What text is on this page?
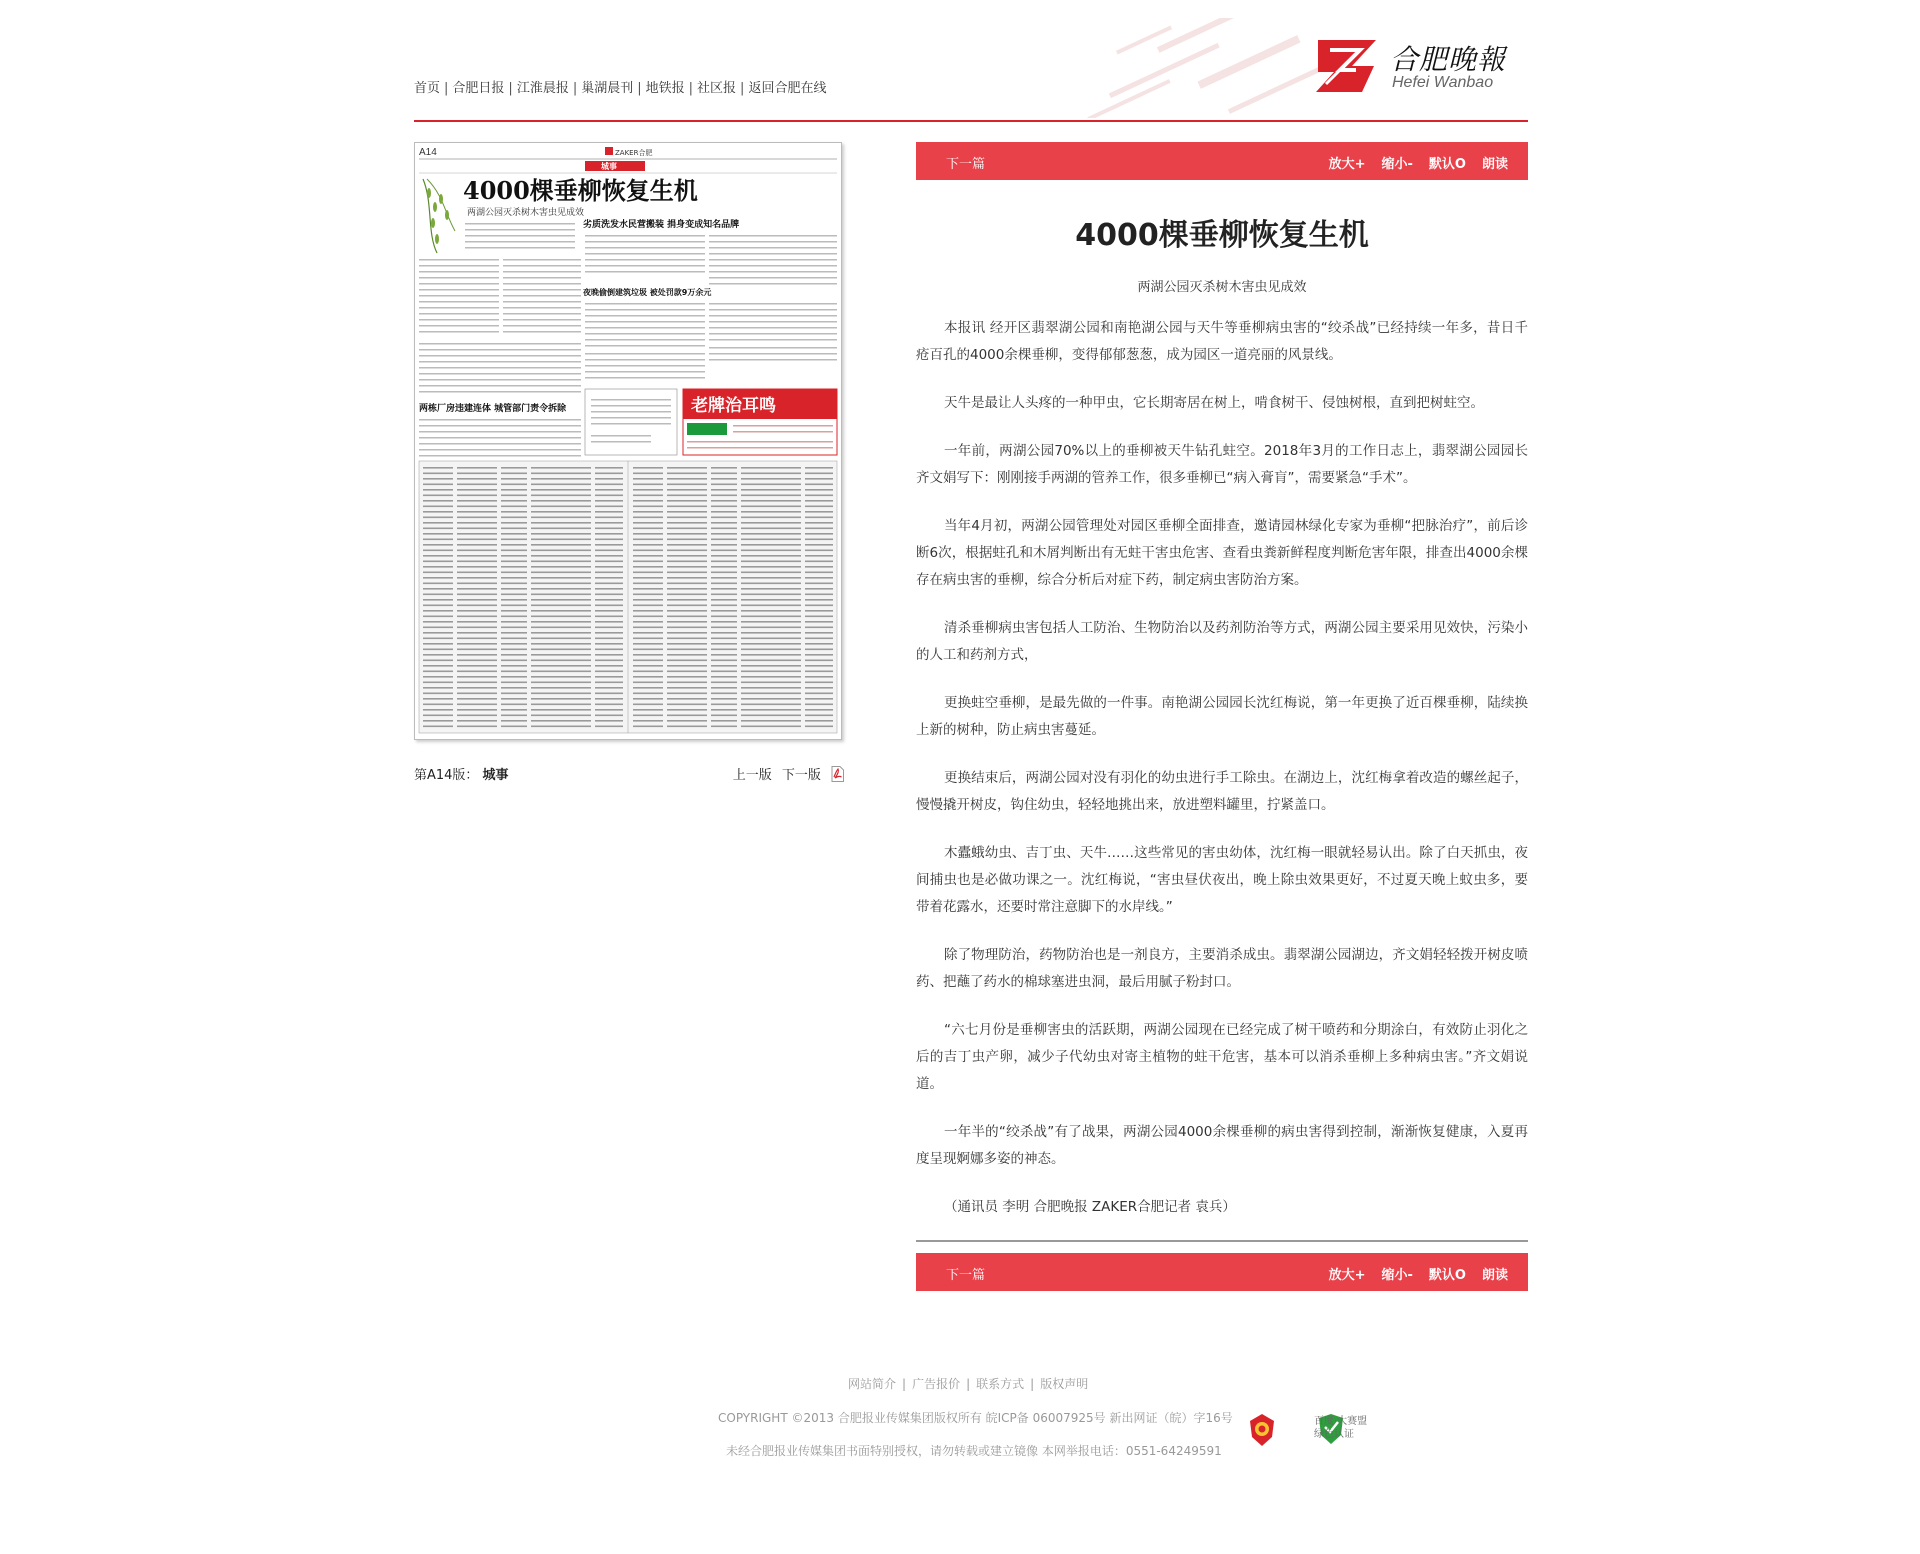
首页 | 合肥日报 | 江淮晨报 | 巢湖晨刊 | 地铁报 | 社区报 | 返回合肥在线
合肥晚報
Hefei Wanbao
A14	ZAKER合肥
城事
4000棵垂柳恢复生机
两湖公园灭杀树木害虫见成效
劣质洗发水民营搬装 捐身变成知名品牌
夜晚偷倒建筑垃圾 被处罚款9万余元
两栋厂房违建连体 城管部门责令拆除	老牌治耳鸣
第A14版： 城事	上一版 下一版
下一篇	放大+ 缩小- 默认O 朗读
4000棵垂柳恢复生机
两湖公园灭杀树木害虫见成效

本报讯 经开区翡翠湖公园和南艳湖公园与天牛等垂柳病虫害的“绞杀战”已经持续一年多，昔日千疮百孔的4000余棵垂柳，变得郁郁葱葱，成为园区一道亮丽的风景线。

天牛是最让人头疼的一种甲虫，它长期寄居在树上，啃食树干、侵蚀树根，直到把树蛀空。

一年前，两湖公园70%以上的垂柳被天牛钻孔蛀空。2018年3月的工作日志上，翡翠湖公园园长齐文娟写下：刚刚接手两湖的管养工作，很多垂柳已“病入膏肓”，需要紧急“手术”。

当年4月初，两湖公园管理处对园区垂柳全面排查，邀请园林绿化专家为垂柳“把脉治疗”，前后诊断6次，根据蛀孔和木屑判断出有无蛀干害虫危害、查看虫粪新鲜程度判断危害年限，排查出4000余棵存在病虫害的垂柳，综合分析后对症下药，制定病虫害防治方案。

清杀垂柳病虫害包括人工防治、生物防治以及药剂防治等方式，两湖公园主要采用见效快，污染小的人工和药剂方式，

更换蛀空垂柳，是最先做的一件事。南艳湖公园园长沈红梅说，第一年更换了近百棵垂柳，陆续换上新的树种，防止病虫害蔓延。

更换结束后，两湖公园对没有羽化的幼虫进行手工除虫。在湖边上，沈红梅拿着改造的螺丝起子，慢慢撬开树皮，钩住幼虫，轻轻地挑出来，放进塑料罐里，拧紧盖口。

木蠹蛾幼虫、吉丁虫、天牛……这些常见的害虫幼体，沈红梅一眼就轻易认出。除了白天抓虫，夜间捕虫也是必做功课之一。沈红梅说，“害虫昼伏夜出，晚上除虫效果更好，不过夏天晚上蚊虫多，要带着花露水，还要时常注意脚下的水岸线。”

除了物理防治，药物防治也是一剂良方，主要消杀成虫。翡翠湖公园湖边，齐文娟轻轻拨开树皮喷药、把蘸了药水的棉球塞进虫洞，最后用腻子粉封口。

“六七月份是垂柳害虫的活跃期，两湖公园现在已经完成了树干喷药和分期涂白，有效防止羽化之后的吉丁虫产卵，减少子代幼虫对寄主植物的蛀干危害，基本可以消杀垂柳上多种病虫害。”齐文娟说道。

一年半的“绞杀战”有了战果，两湖公园4000余棵垂柳的病虫害得到控制，渐渐恢复健康，入夏再度呈现婀娜多姿的神态。

（通讯员 李明 合肥晚报 ZAKER合肥记者 袁兵）

下一篇	放大+ 缩小- 默认O 朗读
网站简介 | 广告报价 | 联系方式 | 版权声明
COPYRIGHT ©2013 合肥报业传媒集团版权所有 皖ICP备 06007925号 新出网证（皖）字16号
未经合肥报业传媒集团书面特别授权，请勿转载或建立镜像 本网举报电话：0551-64249591
百度·大赛盟
绿色认证
